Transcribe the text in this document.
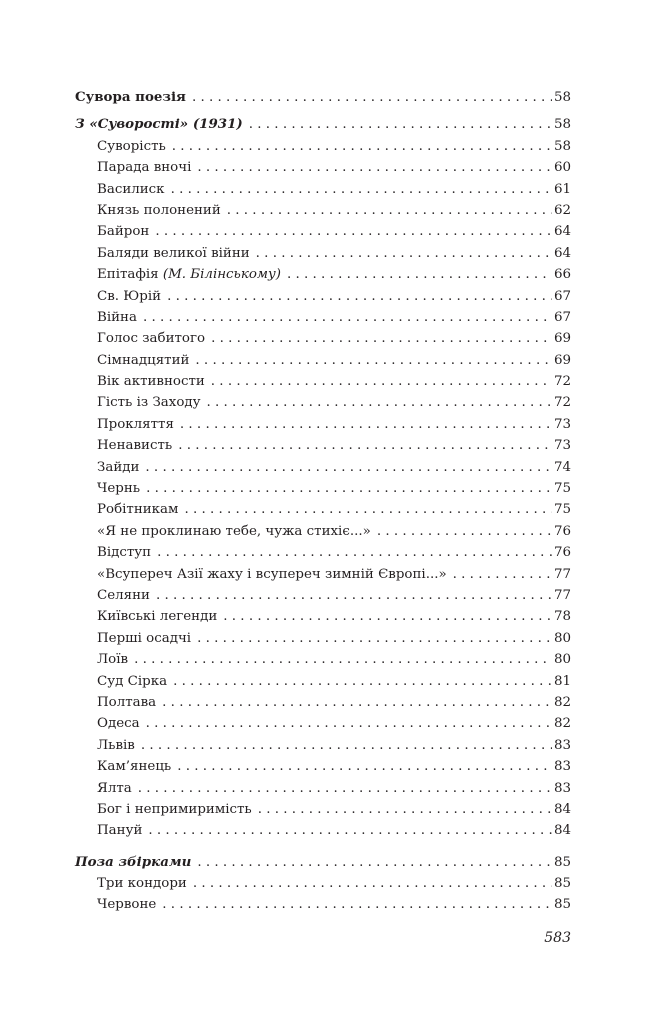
Сувора поезія . . .	58
З «Суворості» (1931) . . .	58
Суворість . . .	58
Парада вночі . . .	60
Василиск . . .	61
Князь полонений . . .	62
Байрон . . .	64
Баляди великої війни . . .	64
Епітафія (М. Білінському) . . .	66
Св. Юрій . . .	67
Війна . . .	67
Голос забитого . . .	69
Сімнадцятий . . .	69
Вік активности . . .	72
Гість із Заходу . . .	72
Прокляття . . .	73
Ненависть . . .	73
Зайди . . .	74
Чернь . . .	75
Робітникам . . .	75
«Я не проклинаю тебе, чужа стихіє...» . . .	76
Відступ . . .	76
«Всупереч Азії жаху і всупереч зимній Європі...» . . .	77
Селяни . . .	77
Київські легенди . . .	78
Перші осадчі . . .	80
Лоїв . . .	80
Суд Сірка . . .	81
Полтава . . .	82
Одеса . . .	82
Львів . . .	83
Кам’янець . . .	83
Ялта . . .	83
Бог і непримиримість . . .	84
Пануй . . .	84
Поза збірками . . .	85
Три кондори . . .	85
Червоне . . .	85
583
